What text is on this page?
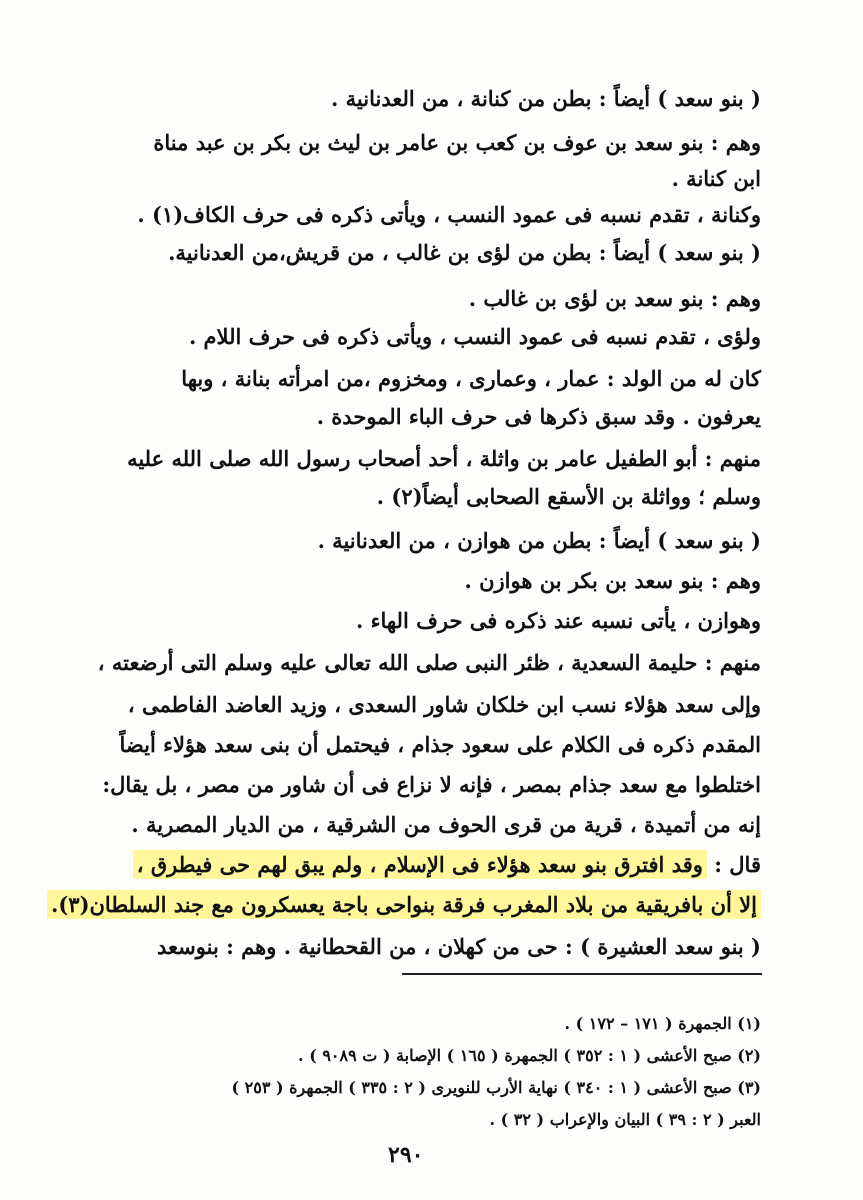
( بنو سعد ) أيضاً : بطن من كنانة ، من العدنانية .
وهم : بنو سعد بن عوف بن كعب بن عامر بن ليث بن بكر بن عبد مناة
ابن كنانة .
وكنانة ، تقدم نسبه فى عمود النسب ، ويأتى ذكره فى حرف الكاف(١) .
( بنو سعد ) أيضاً : بطن من لؤى بن غالب ، من قريش،من العدنانية.
وهم : بنو سعد بن لؤى بن غالب .
ولؤى ، تقدم نسبه فى عمود النسب ، ويأتى ذكره فى حرف اللام .
كان له من الولد : عمار ، وعمارى ، ومخزوم ،من امرأته بنانة ، وبها
يعرفون . وقد سبق ذكرها فى حرف الباء الموحدة .
منهم : أبو الطفيل عامر بن واثلة ، أحد أصحاب رسول الله صلى الله عليه
وسلم ؛ وواثلة بن الأسقع الصحابى أيضاً(٢) .
( بنو سعد ) أيضاً : بطن من هوازن ، من العدنانية .
وهم : بنو سعد بن بكر بن هوازن .
وهوازن ، يأتى نسبه عند ذكره فى حرف الهاء .
منهم : حليمة السعدية ، ظئر النبى صلى الله تعالى عليه وسلم التى أرضعته ،
وإلى سعد هؤلاء نسب ابن خلكان شاور السعدى ، وزيد العاضد الفاطمى ،
المقدم ذكره فى الكلام على سعود جذام ، فيحتمل أن بنى سعد هؤلاء أيضاً
اختلطوا مع سعد جذام بمصر ، فإنه لا نزاع فى أن شاور من مصر ، بل يقال:
إنه من أتميدة ، قرية من قرى الحوف من الشرقية ، من الديار المصرية .
قال : وقد افترق بنو سعد هؤلاء فى الإسلام ، ولم يبق لهم حى فيطرق ،
إلا أن بافريقية من بلاد المغرب فرقة بنواحى باجة يعسكرون مع جند السلطان(٣).
( بنو سعد العشيرة ) : حى من كهلان ، من القحطانية . وهم : بنوسعد
(١) الجمهرة ( ١٧١ – ١٧٢ ) .
(٢) صبح الأعشى ( ١ : ٣٥٢ ) الجمهرة ( ١٦٥ ) الإصابة ( ت ٩٠٨٩ ) .
(٣) صبح الأعشى ( ١ : ٣٤٠ ) نهاية الأرب للنويرى ( ٢ : ٣٣٥ ) الجمهرة ( ٢٥٣ )
العبر ( ٢ : ٣٩ ) البيان والإعراب ( ٣٢ ) .
٢٩٠
